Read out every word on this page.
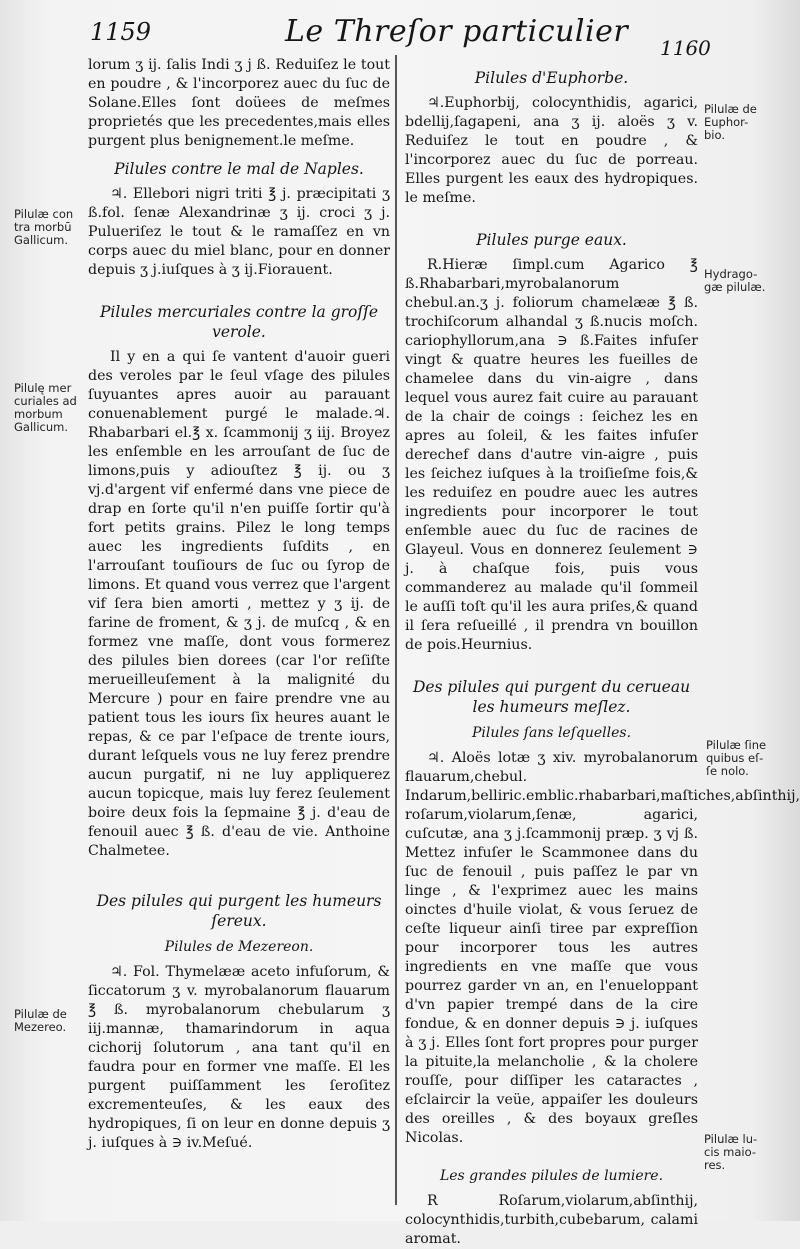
1159	Le Threſor particulier 1160

lorum ʒ ij. ſalis Indi ʒ j ß. Reduiſez le tout en poudre , & l'incorporez auec du ſuc de Solane.Elles ſont doüees de meſmes proprietés que les precedentes,mais elles purgent plus benignement.le meſme.

Pilules contre le mal de Naples.

♃. Ellebori nigri triti ℥ j. præcipitati ʒ ß.fol. ſenæ Alexandrinæ ʒ ij. croci ʒ j. Pulueriſez le tout & le ramaſſez en vn corps auec du miel blanc, pour en donner depuis ʒ j.iuſques à ʒ ij.Fiorauent.

Pilules mercuriales contre la groſſe verole.

Il y en a qui ſe vantent d'auoir gueri des veroles par le ſeul vſage des pilules ſuyuantes apres auoir au parauant conuenablement purgé le malade.♃. Rhabarbari el.℥ x. ſcammonij ʒ iij. Broyez les enſemble en les arrouſant de ſuc de limons,puis y adiouſtez ℥ ij. ou ʒ vj.d'argent vif enfermé dans vne piece de drap en ſorte qu'il n'en puiſſe ſortir qu'à fort petits grains. Pilez le long temps auec les ingredients ſuſdits , en l'arrouſant touſiours de ſuc ou ſyrop de limons. Et quand vous verrez que l'argent vif ſera bien amorti , mettez y ʒ ij. de farine de froment, & ʒ j. de muſcq , & en formez vne maſſe, dont vous formerez des pilules bien dorees (car l'or reſiſte merueilleuſement à la malignité du Mercure ) pour en faire prendre vne au patient tous les iours ſix heures auant le repas, & ce par l'eſpace de trente iours, durant leſquels vous ne luy ferez prendre aucun purgatif, ni ne luy appliquerez aucun topicque, mais luy ferez ſeulement boire deux fois la ſepmaine ℥ j. d'eau de fenouil auec ℥ ß. d'eau de vie. Anthoine Chalmetee.

Des pilules qui purgent les humeurs ſereux.
Pilules de Mezereon.

♃. Fol. Thymelææ aceto infuſorum, & ſiccatorum ʒ v. myrobalanorum flauarum ℥ ß. myrobalanorum chebularum ʒ iij.mannæ, thamarindorum in aqua cichorij ſolutorum , ana tant qu'il en faudra pour en former vne maſſe. El les purgent puiſſamment les ſeroſitez excrementeuſes, & les eaux des hydropiques, ſi on leur en donne depuis ʒ j. iuſques à ∋ iv.Meſué.

Pilules d'Euphorbe.

♃.Euphorbij, colocynthidis, agarici, bdellij,ſagapeni, ana ʒ ij. aloës ʒ v. Reduiſez le tout en poudre , & l'incorporez auec du ſuc de porreau. Elles purgent les eaux des hydropiques. le meſme.

Pilules purge eaux.

R.Hieræ ſimpl.cum Agarico ℥ ß.Rhabarbari,myrobalanorum chebul.an.ʒ j. foliorum chamelææ ℥ ß. trochiſcorum alhandal ʒ ß.nucis moſch. cariophyllorum,ana ∋ ß.Faites infuſer vingt & quatre heures les fueilles de chamelee dans du vin-aigre , dans lequel vous aurez fait cuire au parauant de la chair de coings : ſeichez les en apres au ſoleil, & les faites infuſer derechef dans d'autre vin-aigre , puis les ſeichez iuſques à la troiſieſme fois,& les reduiſez en poudre auec les autres ingredients pour incorporer le tout enſemble auec du ſuc de racines de Glayeul. Vous en donnerez ſeulement ∋ j. à chaſque fois, puis vous commanderez au malade qu'il ſommeil le auſſi toſt qu'il les aura priſes,& quand il ſera reſueillé , il prendra vn bouillon de pois.Heurnius.

Des pilules qui purgent du cerueau les humeurs meſlez.
Pilules ſans leſquelles.

♃. Aloës lotæ ʒ xiv. myrobalanorum flauarum,chebul. Indarum,belliric.emblic.rhabarbari,maſtiches,abſinthij, roſarum,violarum,ſenæ, agarici, cuſcutæ, ana ʒ j.ſcammonij præp. ʒ vj ß. Mettez infuſer le Scammonee dans du ſuc de fenouil , puis paſſez le par vn linge , & l'exprimez auec les mains oinctes d'huile violat, & vous ſeruez de ceſte liqueur ainſi tiree par expreſſion pour incorporer tous les autres ingredients en vne maſſe que vous pourrez garder vn an, en l'enueloppant d'vn papier trempé dans de la cire fondue, & en donner depuis ∋ j. iuſques à ʒ j. Elles ſont fort propres pour purger la pituite,la melancholie , & la cholere rouſſe, pour diſſiper les cataractes , eſclaircir la veüe, appaiſer les douleurs des oreilles , & des boyaux greſles Nicolas.

Les grandes pilules de lumiere.

R Roſarum,violarum,abſinthij, colocynthidis,turbith,cubebarum, calami aromat.

Pilulæ con
tra morbū
Gallicum.
Pilulę mer
curiales ad
morbum
Gallicum.
Pilulæ de
Mezereo.
Pilulæ de
Euphor-
bio.
Hydrago-
gæ pilulæ.
Pilulæ ſine
quibus eſ-
ſe nolo.
Pilulæ lu-
cis maio-
res.
